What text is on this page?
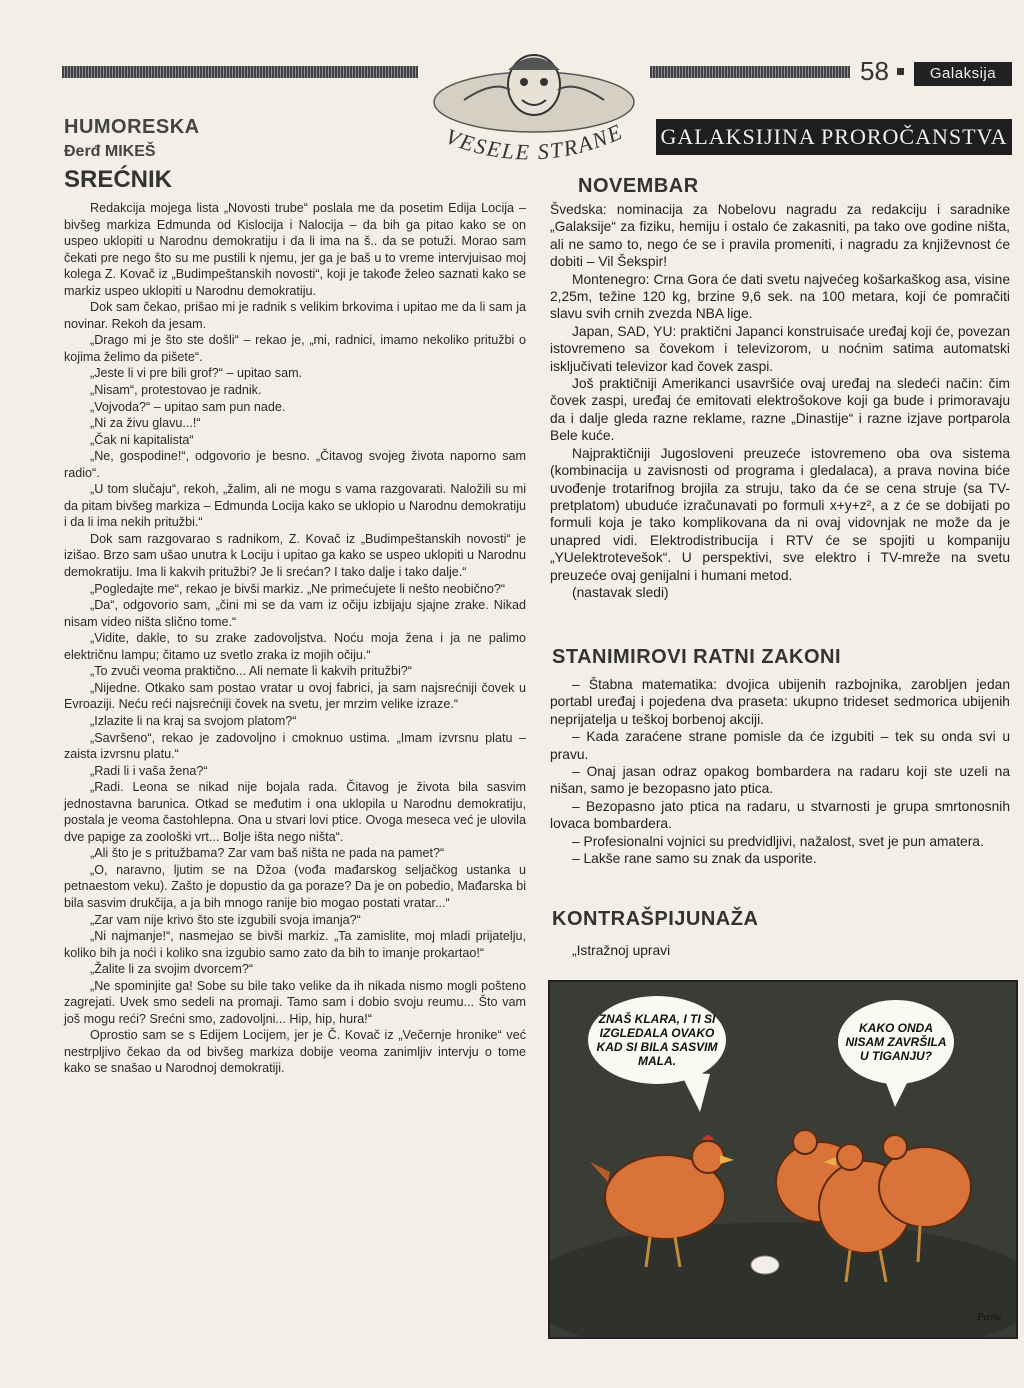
58	Galaksija
VESELE STRANE
HUMORESKA
Đerđ MIKEŠ
SREĆNIK

Redakcija mojega lista „Novosti trube“ poslala me da posetim Edija Locija – bivšeg markiza Edmunda od Kislocija i Nalocija – da bih ga pitao kako se on uspeo uklopiti u Narodnu demokratiju i da li ima na š.. da se potuži. Morao sam čekati pre nego što su me pustili k njemu, jer ga je baš u to vreme intervjuisao moj kolega Z. Kovač iz „Budimpeštanskih novosti“, koji je takođe želeo saznati kako se markiz uspeo uklopiti u Narodnu demokratiju.

Dok sam čekao, prišao mi je radnik s velikim brkovima i upitao me da li sam ja novinar. Rekoh da jesam.

„Drago mi je što ste došli“ – rekao je, „mi, radnici, imamo nekoliko pritužbi o kojima želimo da pišete“.

„Jeste li vi pre bili grof?“ – upitao sam.

„Nisam“, protestovao je radnik.

„Vojvoda?“ – upitao sam pun nade.

„Ni za živu glavu...!“

„Čak ni kapitalista“

„Ne, gospodine!“, odgovorio je besno. „Čitavog svojeg života naporno sam radio“.

„U tom slučaju“, rekoh, „žalim, ali ne mogu s vama razgovarati. Naložili su mi da pitam bivšeg markiza – Edmunda Locija kako se uklopio u Narodnu demokratiju i da li ima nekih pritužbi.“

Dok sam razgovarao s radnikom, Z. Kovač iz „Budimpeštanskih novosti“ je izišao. Brzo sam ušao unutra k Lociju i upitao ga kako se uspeo uklopiti u Narodnu demokratiju. Ima li kakvih pritužbi? Je li srećan? I tako dalje i tako dalje.“

„Pogledajte me“, rekao je bivši markiz. „Ne primećujete li nešto neobično?“

„Da“, odgovorio sam, „čini mi se da vam iz očiju izbijaju sjajne zrake. Nikad nisam video ništa slično tome.“

„Vidite, dakle, to su zrake zadovoljstva. Noću moja žena i ja ne palimo električnu lampu; čitamo uz svetlo zraka iz mojih očiju.“

„To zvuči veoma praktično... Ali nemate li kakvih pritužbi?“

„Nijedne. Otkako sam postao vratar u ovoj fabrici, ja sam najsrećniji čovek u Evroaziji. Neću reći najsrećniji čovek na svetu, jer mrzim velike izraze.“

„Izlazite li na kraj sa svojom platom?“

„Savršeno“, rekao je zadovoljno i cmoknuo ustima. „Imam izvrsnu platu – zaista izvrsnu platu.“

„Radi li i vaša žena?“

„Radi. Leona se nikad nije bojala rada. Čitavog je života bila sasvim jednostavna barunica. Otkad se međutim i ona uklopila u Narodnu demokratiju, postala je veoma častohlepna. Ona u stvari lovi ptice. Ovoga meseca već je ulovila dve papige za zoološki vrt... Bolje išta nego ništa“.

„Ali što je s pritužbama? Zar vam baš ništa ne pada na pamet?“

„O, naravno, ljutim se na Džoa (vođa mađarskog seljačkog ustanka u petnaestom veku). Zašto je dopustio da ga poraze? Da je on pobedio, Mađarska bi bila sasvim drukčija, a ja bih mnogo ranije bio mogao postati vratar...“

„Zar vam nije krivo što ste izgubili svoja imanja?“

„Ni najmanje!“, nasmejao se bivši markiz. „Ta zamislite, moj mladi prijatelju, koliko bih ja noći i koliko sna izgubio samo zato da bih to imanje prokartao!“

„Žalite li za svojim dvorcem?“

„Ne spominjite ga! Sobe su bile tako velike da ih nikada nismo mogli pošteno zagrejati. Uvek smo sedeli na promaji. Tamo sam i dobio svoju reumu... Što vam još mogu reći? Srećni smo, zadovoljni... Hip, hip, hura!“

Oprostio sam se s Edijem Locijem, jer je Č. Kovač iz „Večernje hronike“ već nestrpljivo čekao da od bivšeg markiza dobije veoma zanimljiv intervju o tome kako se snašao u Narodnoj demokratiji.

GALAKSIJINA PROROČANSTVA
NOVEMBAR

Švedska: nominacija za Nobelovu nagradu za redakciju i saradnike „Galaksije“ za fiziku, hemiju i ostalo će zakasniti, pa tako ove godine ništa, ali ne samo to, nego će se i pravila promeniti, i nagradu za književnost će dobiti – Vil Šekspir!

Montenegro: Crna Gora će dati svetu najvećeg košarkaškog asa, visine 2,25m, težine 120 kg, brzine 9,6 sek. na 100 metara, koji će pomračiti slavu svih crnih zvezda NBA lige.

Japan, SAD, YU: praktični Japanci konstruisaće uređaj koji će, povezan istovremeno sa čovekom i televizorom, u noćnim satima automatski isključivati televizor kad čovek zaspi.

Još praktičniji Amerikanci usavršiće ovaj uređaj na sledeći način: čim čovek zaspi, uređaj će emitovati elektrošokove koji ga bude i primoravaju da i dalje gleda razne reklame, razne „Dinastije“ i razne izjave portparola Bele kuće.

Najpraktičniji Jugosloveni preuzeće istovremeno oba ova sistema (kombinacija u zavisnosti od programa i gledalaca), a prava novina biće uvođenje trotarifnog brojila za struju, tako da će se cena struje (sa TV-pretplatom) ubuduće izračunavati po formuli x+y+z², a z će se dobijati po formuli koja je tako komplikovana da ni ovaj vidovnjak ne može da je unapred vidi. Elektrodistribucija i RTV će se spojiti u kompaniju „YUelektrotevešok“. U perspektivi, sve elektro i TV-mreže na svetu preuzeće ovaj genijalni i humani metod.

(nastavak sledi)

STANIMIROVI RATNI ZAKONI

– Štabna matematika: dvojica ubijenih razbojnika, zarobljen jedan portabl uređaj i pojedena dva praseta: ukupno trideset sedmorica ubijenih neprijatelja u teškoj borbenoj akciji.

– Kada zaraćene strane pomisle da će izgubiti – tek su onda svi u pravu.

– Onaj jasan odraz opakog bombardera na radaru koji ste uzeli na nišan, samo je bezopasno jato ptica.

– Bezopasno jato ptica na radaru, u stvarnosti je grupa smrtonosnih lovaca bombardera.

– Profesionalni vojnici su predvidljivi, nažalost, svet je pun amatera.

– Lakše rane samo su znak da usporite.

KONTRAŠPIJUNAŽA

„Istražnoj upravi

ZNAŠ KLARA, I TI SI IZGLEDALA OVAKO KAD SI BILA SASVIM MALA.
KAKO ONDA NISAM ZAVRŠILA U TIGANJU?
Pavić
